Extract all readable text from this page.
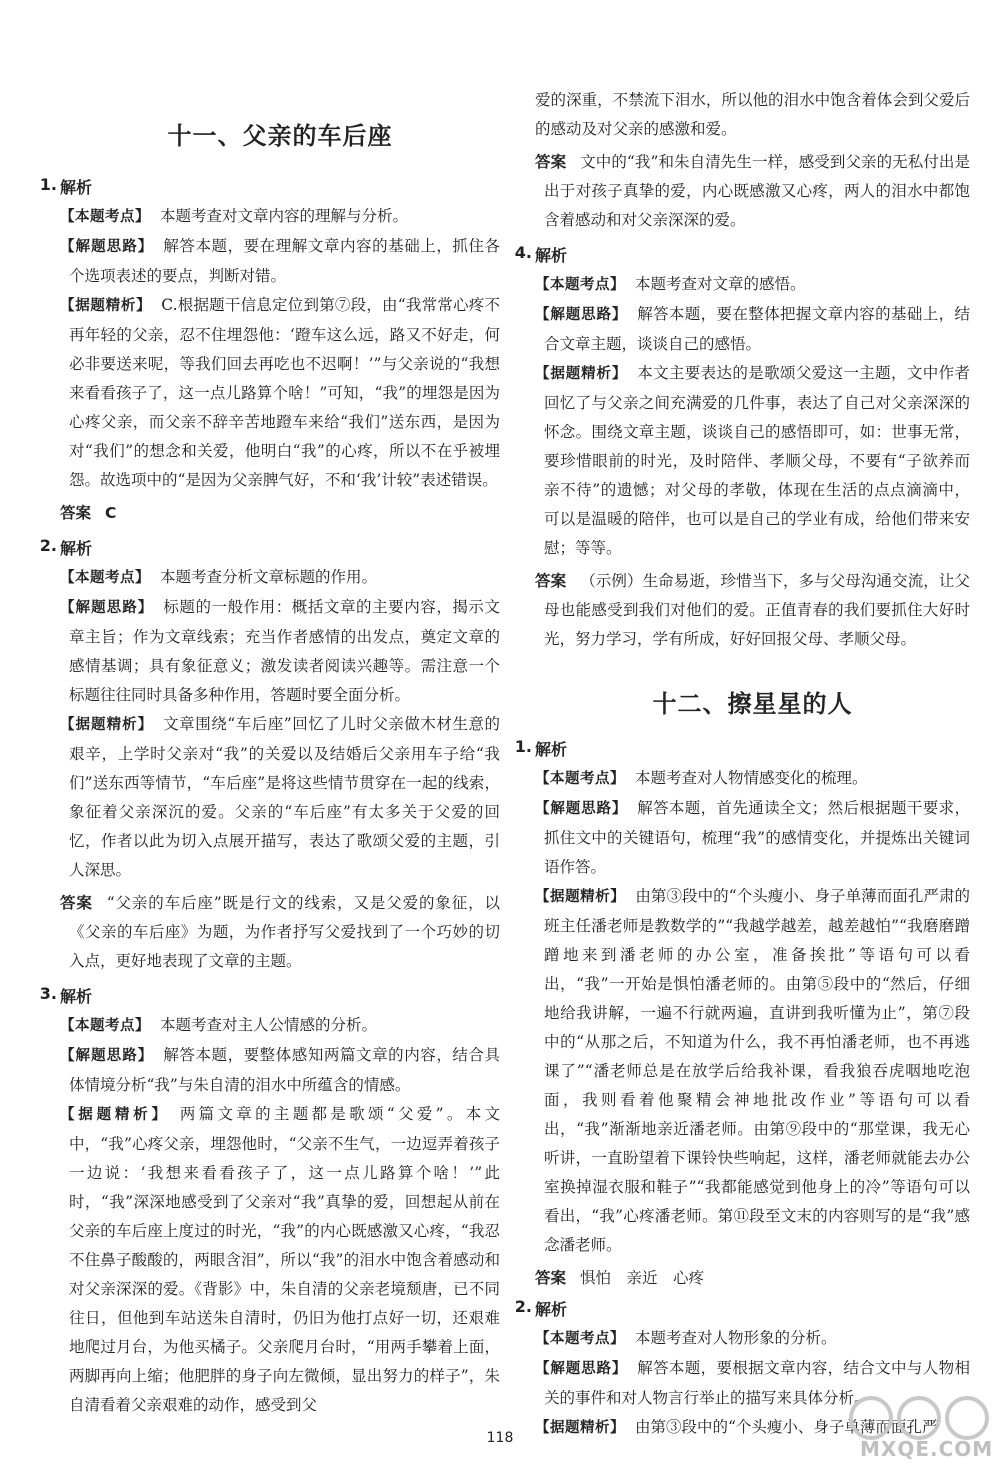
十一、父亲的车后座
1. 解析

【本题考点】 本题考查对文章内容的理解与分析。

【解题思路】 解答本题，要在理解文章内容的基础上，抓住各个选项表述的要点，判断对错。

【据题精析】 C.根据题干信息定位到第⑦段，由“我常常心疼不再年轻的父亲，忍不住埋怨他：‘蹬车这么远，路又不好走，何必非要送来呢，等我们回去再吃也不迟啊！’”与父亲说的“我想来看看孩子了，这一点儿路算个啥！”可知，“我”的埋怨是因为心疼父亲，而父亲不辞辛苦地蹬车来给“我们”送东西，是因为对“我们”的想念和关爱，他明白“我”的心疼，所以不在乎被埋怨。故选项中的“是因为父亲脾气好，不和‘我’计较”表述错误。

答案 C

2. 解析

【本题考点】 本题考查分析文章标题的作用。

【解题思路】 标题的一般作用：概括文章的主要内容，揭示文章主旨；作为文章线索；充当作者感情的出发点，奠定文章的感情基调；具有象征意义；激发读者阅读兴趣等。需注意一个标题往往同时具备多种作用，答题时要全面分析。

【据题精析】 文章围绕“车后座”回忆了儿时父亲做木材生意的艰辛，上学时父亲对“我”的关爱以及结婚后父亲用车子给“我们”送东西等情节，“车后座”是将这些情节贯穿在一起的线索，象征着父亲深沉的爱。父亲的“车后座”有太多关于父爱的回忆，作者以此为切入点展开描写，表达了歌颂父爱的主题，引人深思。

答案 “父亲的车后座”既是行文的线索，又是父爱的象征，以《父亲的车后座》为题，为作者抒写父爱找到了一个巧妙的切入点，更好地表现了文章的主题。

3. 解析

【本题考点】 本题考查对主人公情感的分析。

【解题思路】 解答本题，要整体感知两篇文章的内容，结合具体情境分析“我”与朱自清的泪水中所蕴含的情感。

【据题精析】 两篇文章的主题都是歌颂“父爱”。本文中，“我”心疼父亲，埋怨他时，“父亲不生气，一边逗弄着孩子一边说：‘我想来看看孩子了，这一点儿路算个啥！’”此时，“我”深深地感受到了父亲对“我”真挚的爱，回想起从前在父亲的车后座上度过的时光，“我”的内心既感激又心疼，“我忍不住鼻子酸酸的，两眼含泪”，所以“我”的泪水中饱含着感动和对父亲深深的爱。《背影》中，朱自清的父亲老境颓唐，已不同往日，但他到车站送朱自清时，仍旧为他打点好一切，还艰难地爬过月台，为他买橘子。父亲爬月台时，“用两手攀着上面，两脚再向上缩；他肥胖的身子向左微倾，显出努力的样子”，朱自清看着父亲艰难的动作，感受到父

爱的深重，不禁流下泪水，所以他的泪水中饱含着体会到父爱后的感动及对父亲的感激和爱。

答案 文中的“我”和朱自清先生一样，感受到父亲的无私付出是出于对孩子真挚的爱，内心既感激又心疼，两人的泪水中都饱含着感动和对父亲深深的爱。

4. 解析

【本题考点】 本题考查对文章的感悟。

【解题思路】 解答本题，要在整体把握文章内容的基础上，结合文章主题，谈谈自己的感悟。

【据题精析】 本文主要表达的是歌颂父爱这一主题，文中作者回忆了与父亲之间充满爱的几件事，表达了自己对父亲深深的怀念。围绕文章主题，谈谈自己的感悟即可，如：世事无常，要珍惜眼前的时光，及时陪伴、孝顺父母，不要有“子欲养而亲不待”的遗憾；对父母的孝敬，体现在生活的点点滴滴中，可以是温暖的陪伴，也可以是自己的学业有成，给他们带来安慰；等等。

答案 （示例）生命易逝，珍惜当下，多与父母沟通交流，让父母也能感受到我们对他们的爱。正值青春的我们要抓住大好时光，努力学习，学有所成，好好回报父母、孝顺父母。

十二、擦星星的人
1. 解析

【本题考点】 本题考查对人物情感变化的梳理。

【解题思路】 解答本题，首先通读全文；然后根据题干要求，抓住文中的关键语句，梳理“我”的感情变化，并提炼出关键词语作答。

【据题精析】 由第③段中的“个头瘦小、身子单薄而面孔严肃的班主任潘老师是教数学的”“我越学越差，越差越怕”“我磨磨蹭蹭地来到潘老师的办公室，准备挨批”等语句可以看出，“我”一开始是惧怕潘老师的。由第⑤段中的“然后，仔细地给我讲解，一遍不行就两遍，直讲到我听懂为止”，第⑦段中的“从那之后，不知道为什么，我不再怕潘老师，也不再逃课了”“潘老师总是在放学后给我补课，看我狼吞虎咽地吃泡面，我则看着他聚精会神地批改作业”等语句可以看出，“我”渐渐地亲近潘老师。由第⑨段中的“那堂课，我无心听讲，一直盼望着下课铃快些响起，这样，潘老师就能去办公室换掉湿衣服和鞋子”“我都能感觉到他身上的冷”等语句可以看出，“我”心疼潘老师。第⑪段至文末的内容则写的是“我”感念潘老师。

答案 惧怕　亲近　心疼

2. 解析

【本题考点】 本题考查对人物形象的分析。

【解题思路】 解答本题，要根据文章内容，结合文中与人物相关的事件和对人物言行举止的描写来具体分析。

【据题精析】 由第③段中的“个头瘦小、身子单薄而面孔严

118	MXQE.COM
